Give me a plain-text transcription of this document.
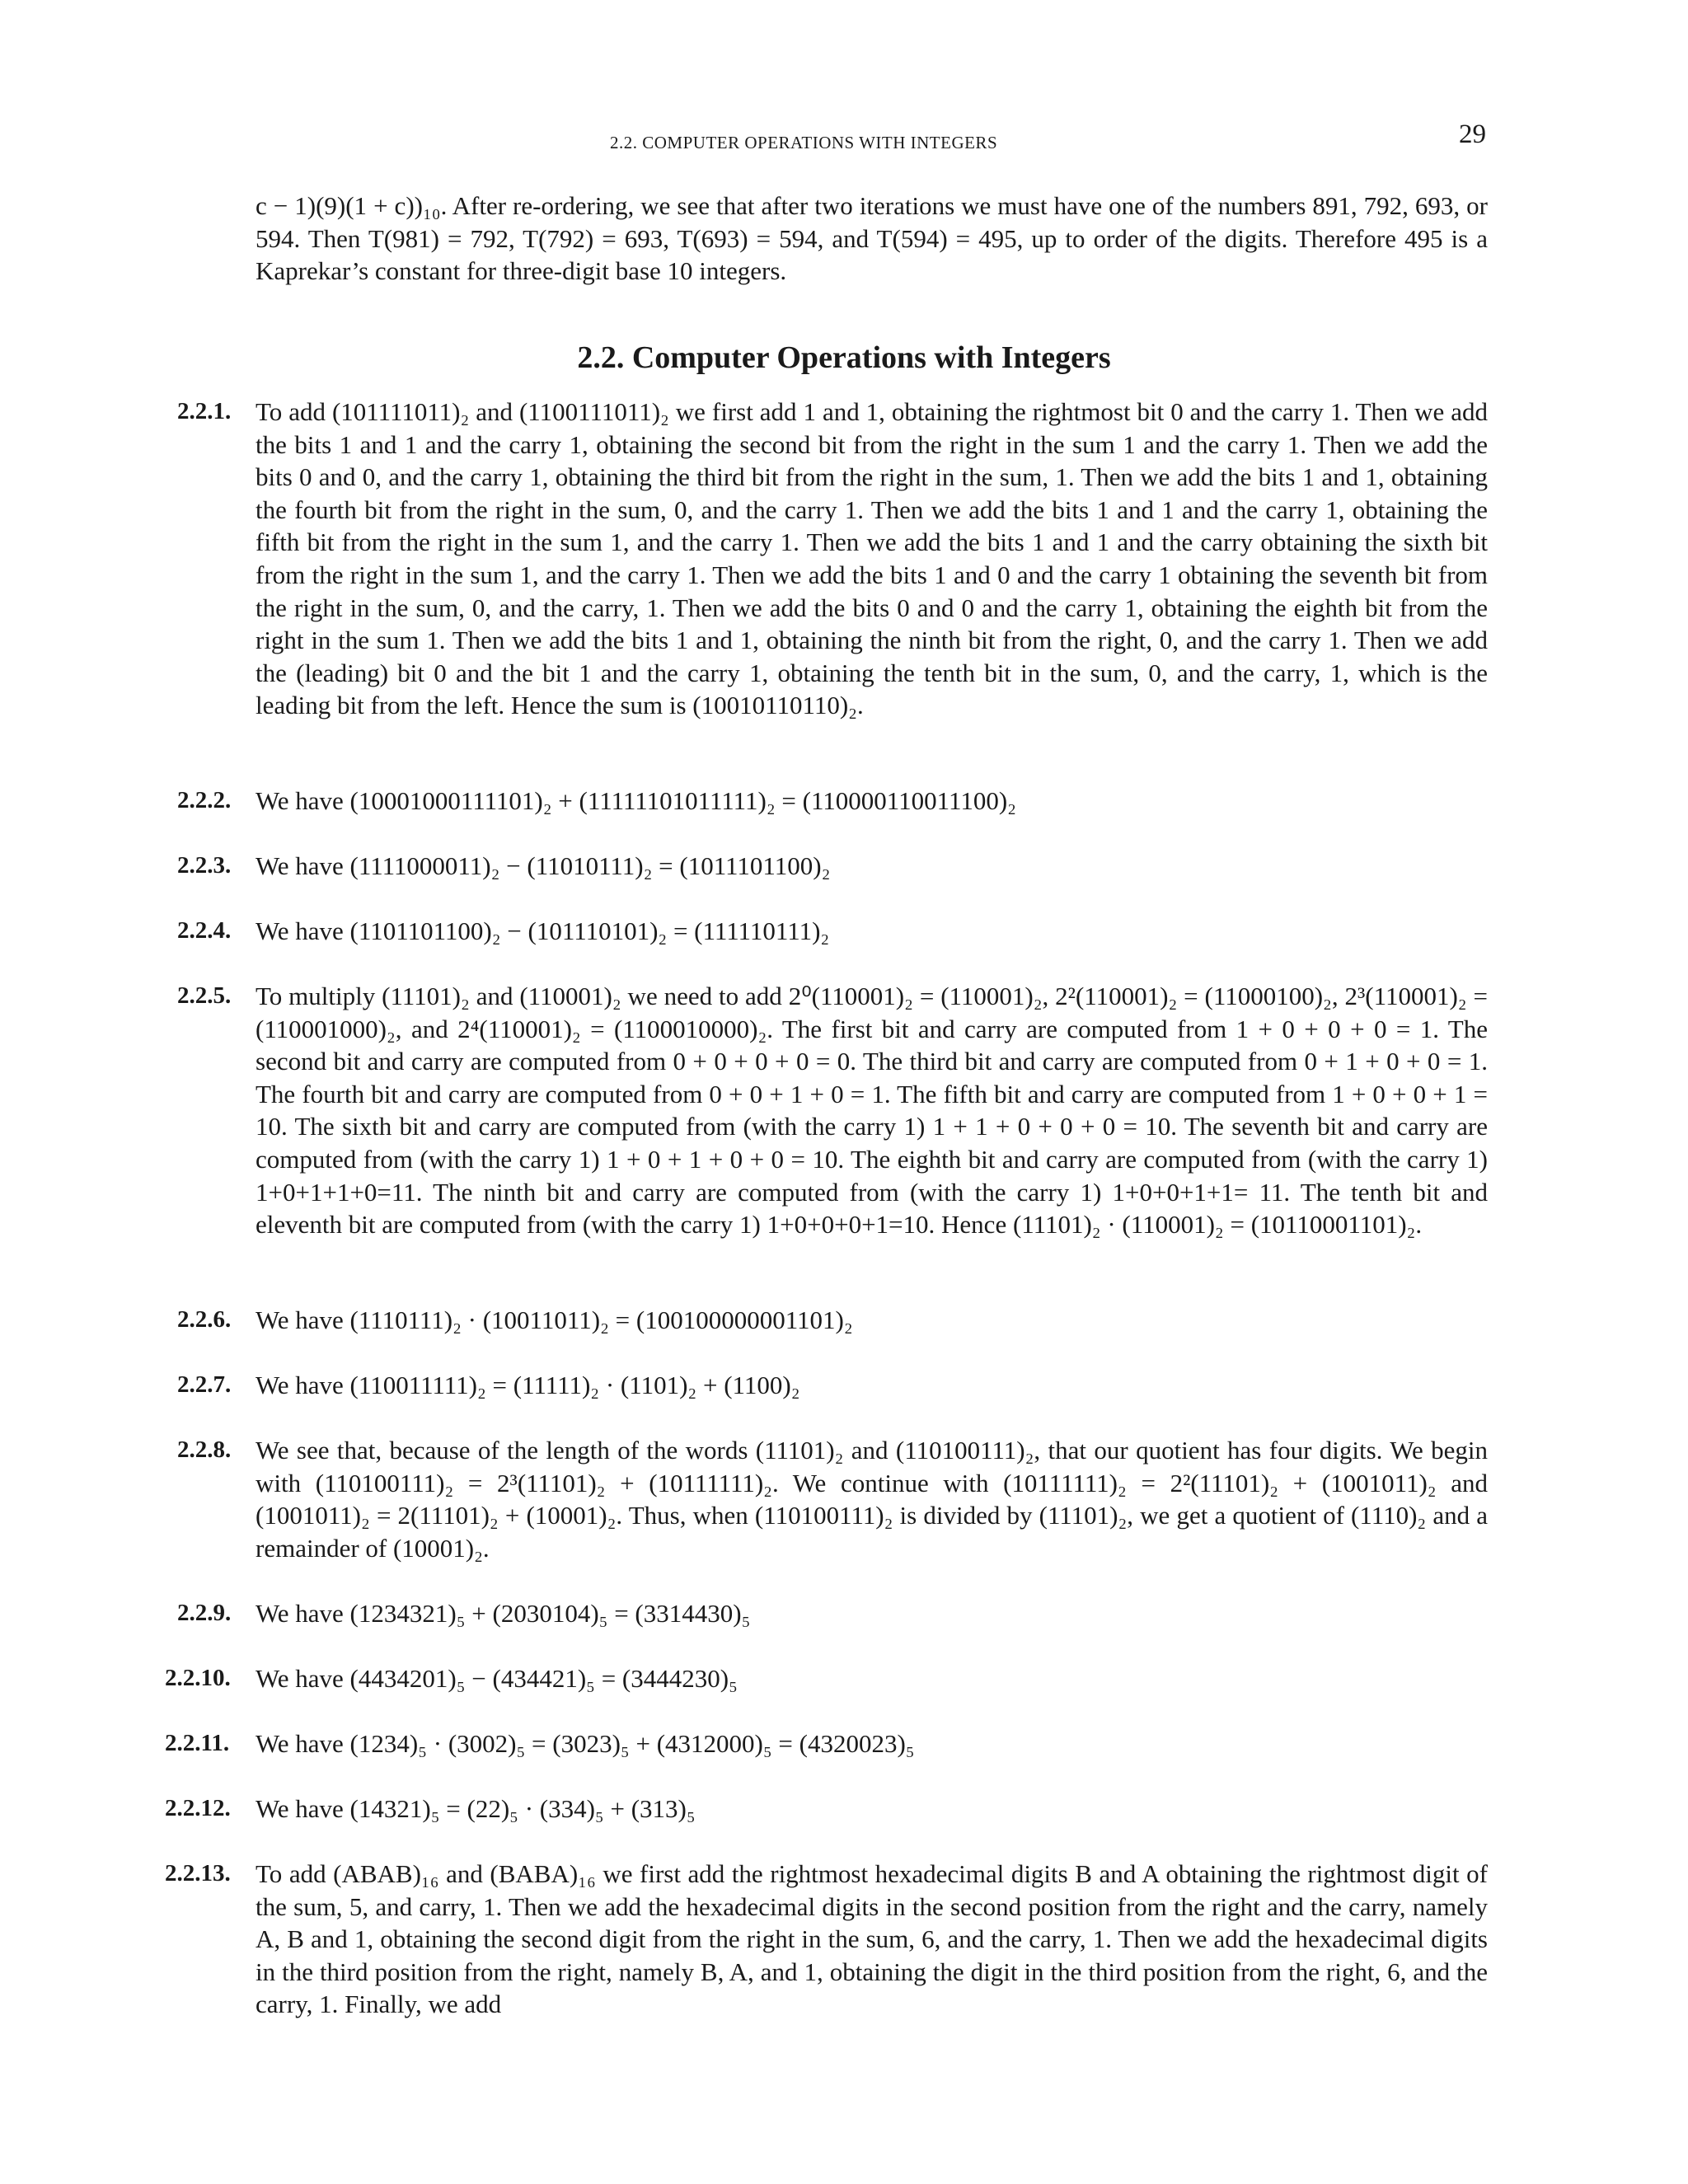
2.2. COMPUTER OPERATIONS WITH INTEGERS	29
c − 1)(9)(1 + c))₁₀. After re-ordering, we see that after two iterations we must have one of the numbers 891, 792, 693, or 594. Then T(981) = 792, T(792) = 693, T(693) = 594, and T(594) = 495, up to order of the digits. Therefore 495 is a Kaprekar’s constant for three-digit base 10 integers.
2.2. Computer Operations with Integers
2.2.1. To add (101111011)₂ and (1100111011)₂ we first add 1 and 1, obtaining the rightmost bit 0 and the carry 1. Then we add the bits 1 and 1 and the carry 1, obtaining the second bit from the right in the sum 1 and the carry 1. Then we add the bits 0 and 0, and the carry 1, obtaining the third bit from the right in the sum, 1. Then we add the bits 1 and 1, obtaining the fourth bit from the right in the sum, 0, and the carry 1. Then we add the bits 1 and 1 and the carry 1, obtaining the fifth bit from the right in the sum 1, and the carry 1. Then we add the bits 1 and 1 and the carry obtaining the sixth bit from the right in the sum 1, and the carry 1. Then we add the bits 1 and 0 and the carry 1 obtaining the seventh bit from the right in the sum, 0, and the carry, 1. Then we add the bits 0 and 0 and the carry 1, obtaining the eighth bit from the right in the sum 1. Then we add the bits 1 and 1, obtaining the ninth bit from the right, 0, and the carry 1. Then we add the (leading) bit 0 and the bit 1 and the carry 1, obtaining the tenth bit in the sum, 0, and the carry, 1, which is the leading bit from the left. Hence the sum is (10010110110)₂.
2.2.2. We have (10001000111101)₂ + (11111101011111)₂ = (110000110011100)₂
2.2.3. We have (1111000011)₂ − (11010111)₂ = (1011101100)₂
2.2.4. We have (1101101100)₂ − (101110101)₂ = (111110111)₂
2.2.5. To multiply (11101)₂ and (110001)₂ we need to add 2⁰(110001)₂ = (110001)₂, 2²(110001)₂ = (11000100)₂, 2³(110001)₂ = (110001000)₂, and 2⁴(110001)₂ = (1100010000)₂. The first bit and carry are computed from 1 + 0 + 0 + 0 = 1. The second bit and carry are computed from 0 + 0 + 0 + 0 = 0. The third bit and carry are computed from 0 + 1 + 0 + 0 = 1. The fourth bit and carry are computed from 0 + 0 + 1 + 0 = 1. The fifth bit and carry are computed from 1 + 0 + 0 + 1 = 10. The sixth bit and carry are computed from (with the carry 1) 1 + 1 + 0 + 0 + 0 = 10. The seventh bit and carry are computed from (with the carry 1) 1 + 0 + 1 + 0 + 0 = 10. The eighth bit and carry are computed from (with the carry 1) 1+0+1+1+0=11. The ninth bit and carry are computed from (with the carry 1) 1+0+0+1+1= 11. The tenth bit and eleventh bit are computed from (with the carry 1) 1+0+0+0+1=10. Hence (11101)₂ · (110001)₂ = (10110001101)₂.
2.2.6. We have (1110111)₂ · (10011011)₂ = (100100000001101)₂
2.2.7. We have (110011111)₂ = (11111)₂ · (1101)₂ + (1100)₂
2.2.8. We see that, because of the length of the words (11101)₂ and (110100111)₂, that our quotient has four digits. We begin with (110100111)₂ = 2³(11101)₂ + (10111111)₂. We continue with (10111111)₂ = 2²(11101)₂ + (1001011)₂ and (1001011)₂ = 2(11101)₂ + (10001)₂. Thus, when (110100111)₂ is divided by (11101)₂, we get a quotient of (1110)₂ and a remainder of (10001)₂.
2.2.9. We have (1234321)₅ + (2030104)₅ = (3314430)₅
2.2.10. We have (4434201)₅ − (434421)₅ = (3444230)₅
2.2.11.	We have (1234)₅ · (3002)₅ = (3023)₅ + (4312000)₅ = (4320023)₅
2.2.12. We have (14321)₅ = (22)₅ · (334)₅ + (313)₅
2.2.13. To add (ABAB)₁₆ and (BABA)₁₆ we first add the rightmost hexadecimal digits B and A obtaining the rightmost digit of the sum, 5, and carry, 1. Then we add the hexadecimal digits in the second position from the right and the carry, namely A, B and 1, obtaining the second digit from the right in the sum, 6, and the carry, 1. Then we add the hexadecimal digits in the third position from the right, namely B, A, and 1, obtaining the digit in the third position from the right, 6, and the carry, 1. Finally, we add
